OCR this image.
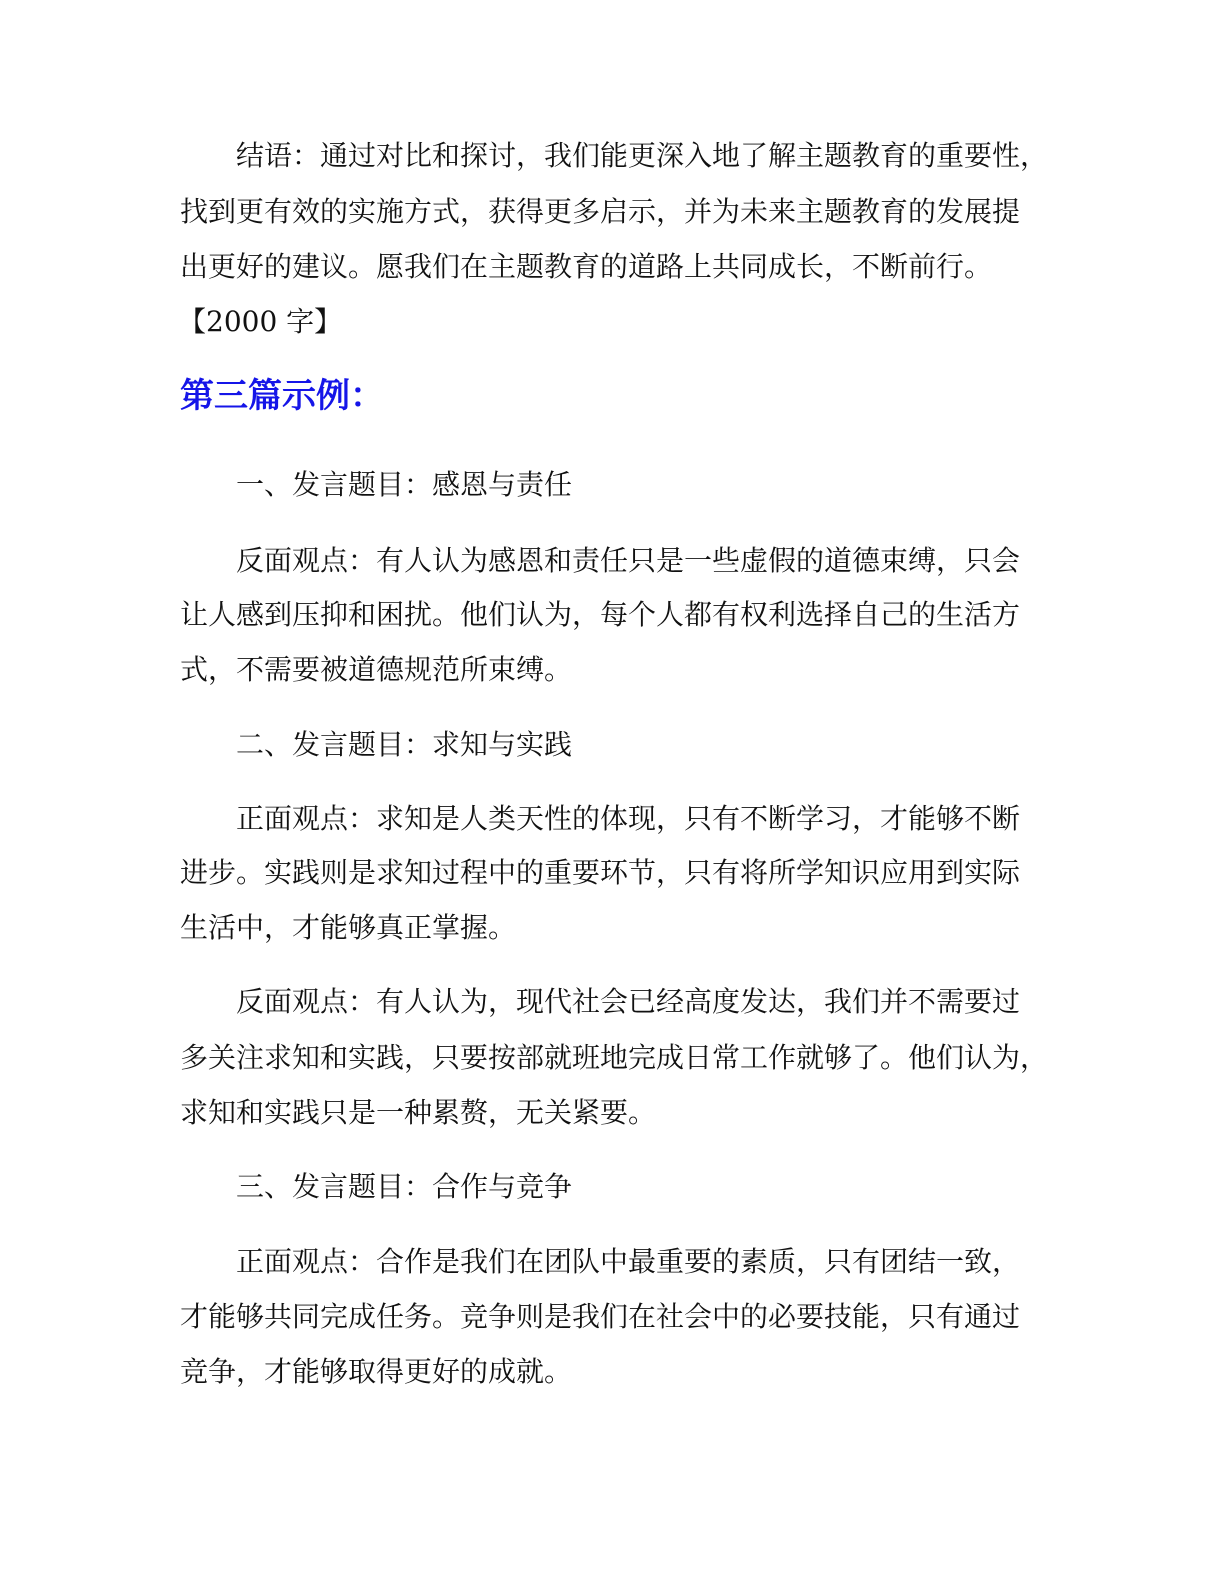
结语：通过对比和探讨，我们能更深入地了解主题教育的重要性，

找到更有效的实施方式，获得更多启示，并为未来主题教育的发展提

出更好的建议。愿我们在主题教育的道路上共同成长，不断前行。

【2000 字】

第三篇示例：

一、发言题目：感恩与责任

反面观点：有人认为感恩和责任只是一些虚假的道德束缚，只会

让人感到压抑和困扰。他们认为，每个人都有权利选择自己的生活方

式，不需要被道德规范所束缚。

二、发言题目：求知与实践

正面观点：求知是人类天性的体现，只有不断学习，才能够不断

进步。实践则是求知过程中的重要环节，只有将所学知识应用到实际

生活中，才能够真正掌握。

反面观点：有人认为，现代社会已经高度发达，我们并不需要过

多关注求知和实践，只要按部就班地完成日常工作就够了。他们认为，

求知和实践只是一种累赘，无关紧要。

三、发言题目：合作与竞争

正面观点：合作是我们在团队中最重要的素质，只有团结一致，

才能够共同完成任务。竞争则是我们在社会中的必要技能，只有通过

竞争，才能够取得更好的成就。
